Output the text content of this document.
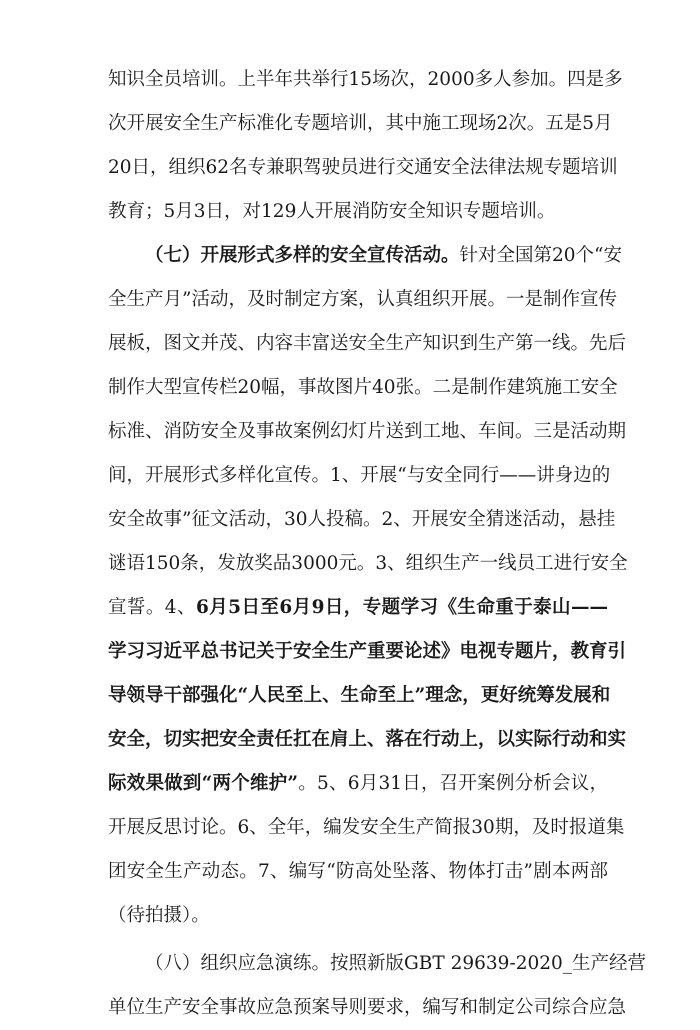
知识全员培训。上半年共举行15场次，2000多人参加。四是多
次开展安全生产标准化专题培训，其中施工现场2次。五是5月
20日，组织62名专兼职驾驶员进行交通安全法律法规专题培训
教育；5月3日，对129人开展消防安全知识专题培训。
（七）开展形式多样的安全宣传活动。针对全国第20个“安
全生产月”活动，及时制定方案，认真组织开展。一是制作宣传
展板，图文并茂、内容丰富送安全生产知识到生产第一线。先后
制作大型宣传栏20幅，事故图片40张。二是制作建筑施工安全
标准、消防安全及事故案例幻灯片送到工地、车间。三是活动期
间，开展形式多样化宣传。1、开展“与安全同行——讲身边的
安全故事”征文活动，30人投稿。2、开展安全猜迷活动，悬挂
谜语150条，发放奖品3000元。3、组织生产一线员工进行安全
宣誓。4、6月5日至6月9日，专题学习《生命重于泰山——
学习习近平总书记关于安全生产重要论述》电视专题片，教育引
导领导干部强化“人民至上、生命至上”理念，更好统筹发展和
安全，切实把安全责任扛在肩上、落在行动上，以实际行动和实
际效果做到“两个维护”。5、6月31日，召开案例分析会议，
开展反思讨论。6、全年，编发安全生产简报30期，及时报道集
团安全生产动态。7、编写“防高处坠落、物体打击”剧本两部
（待拍摄）。
（八）组织应急演练。按照新版GBT 29639-2020_生产经营
单位生产安全事故应急预案导则要求，编写和制定公司综合应急
